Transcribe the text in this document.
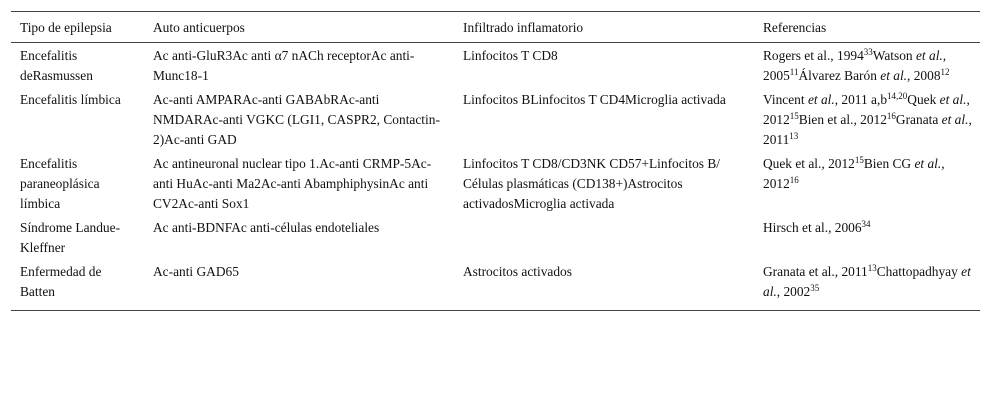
Tipo de epilepsia	Auto anticuerpos	Infiltrado inflamatorio	Referencias
Encefalitis deRasmussen	Ac anti-GluR3Ac anti α7 nACh receptorAc anti-Munc18-1	Linfocitos T CD8	Rogers et al., 1994$^{33}$Watson et al., 2005$^{11}$Álvarez Barón et al., 2008$^{12}$
Encefalitis límbica	Ac-anti AMPARAc-anti GABAbRAc-anti NMDARAc-anti VGKC (LGI1, CASPR2, Contactin-2)Ac-anti GAD	Linfocitos BLinfocitos T CD4Microglia activada	Vincent et al., 2011 $a,b^{14,20}Quek$ et al., 2012$^{15}$Bien et al., 2012$^{16}$Granata et al., 2011$^{13}$
Encefalitis paraneoplásica límbica	Ac antineuronal nuclear tipo 1.Ac-anti CRMP-5Ac-anti HuAc-anti Ma2Ac-anti AbamphiphysinAc anti CV2Ac-anti Sox1	Linfocitos T CD8/CD3NK CD57+Linfocitos B/ Células plasmáticas (CD138+)Astrocitos activadosMicroglia activada	Quek et al., 2012$^{15}$Bien CG et al., 2012$^{16}$
Síndrome Landue-Kleffner	Ac anti-BDNFAc anti-células endoteliales		Hirsch et al., 2006$^{34}$
Enfermedad de Batten	Ac-anti GAD65	Astrocitos activados	Granata et al., 2011$^{13}$Chattopadhyay et al., 2002$^{35}$
